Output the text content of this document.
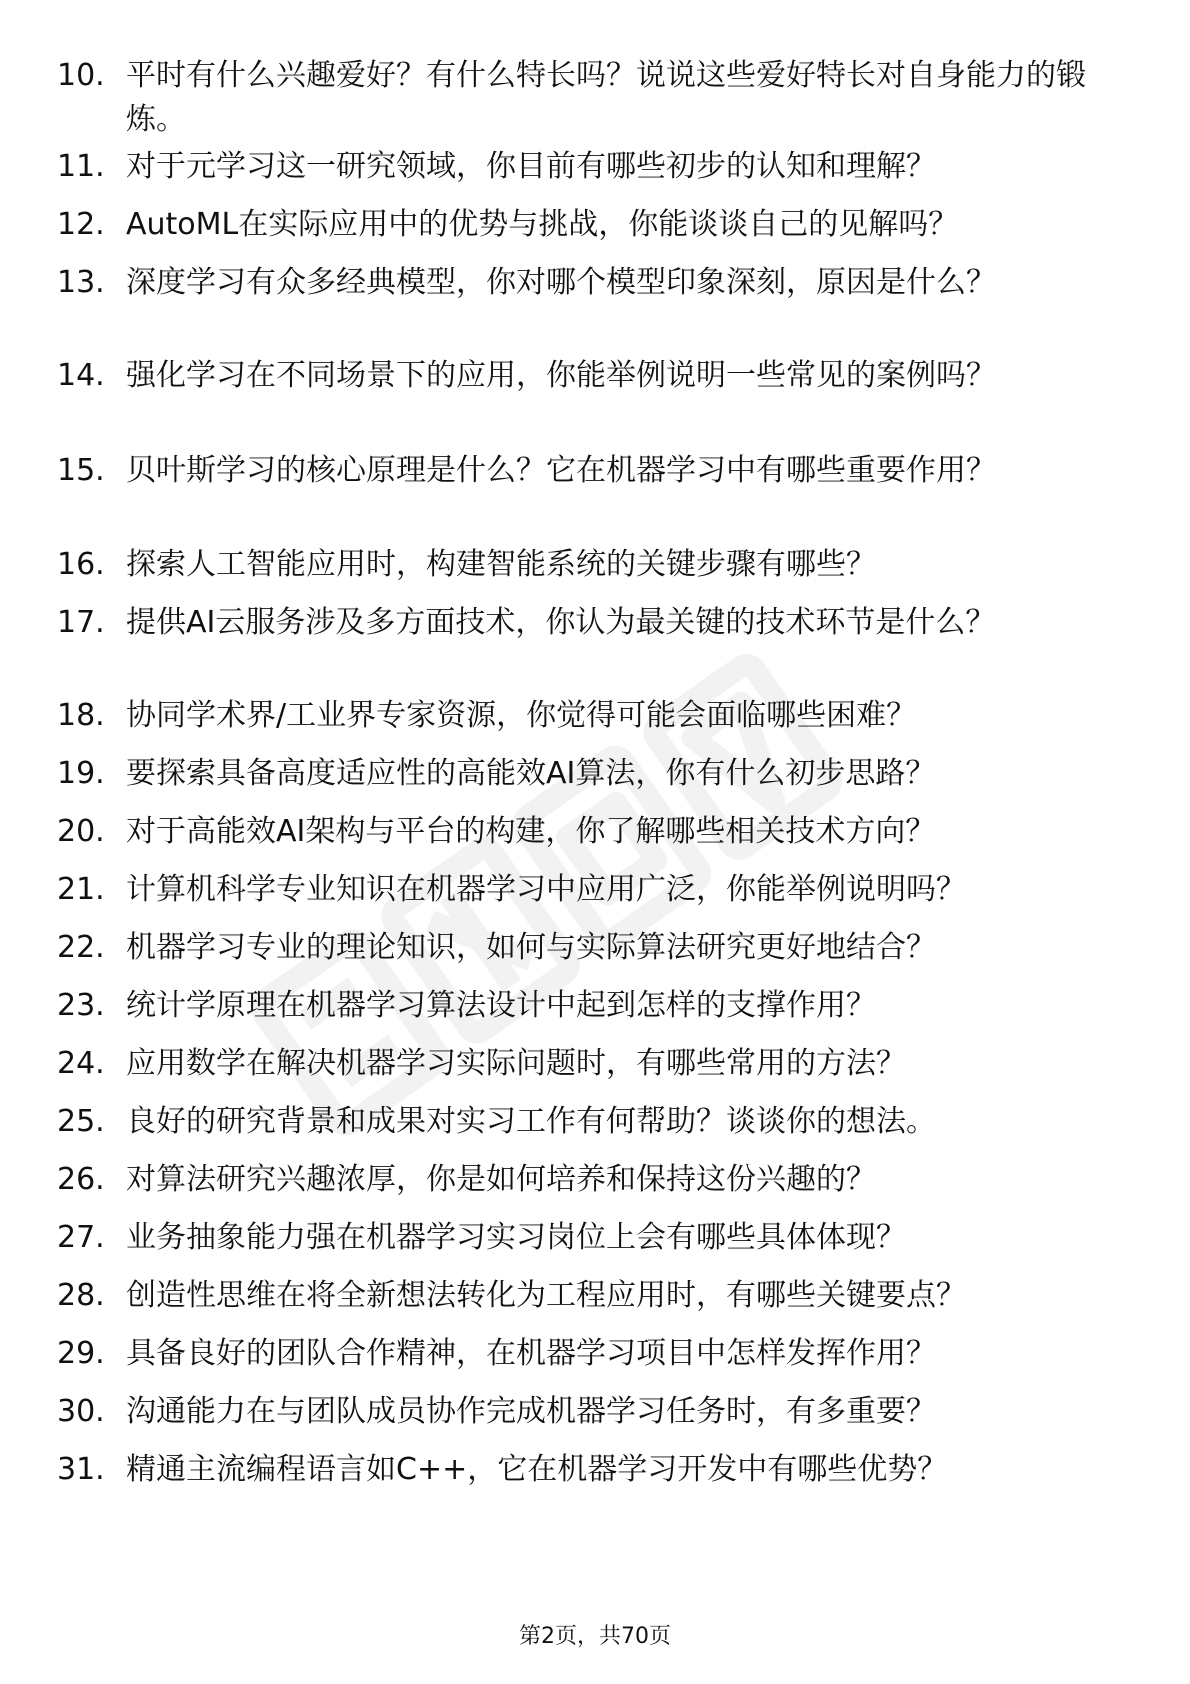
10. 平时有什么兴趣爱好？有什么特长吗？说说这些爱好特长对自身能力的锻炼。
11. 对于元学习这一研究领域，你目前有哪些初步的认知和理解？
12. AutoML在实际应用中的优势与挑战，你能谈谈自己的见解吗？
13. 深度学习有众多经典模型，你对哪个模型印象深刻，原因是什么？
14. 强化学习在不同场景下的应用，你能举例说明一些常见的案例吗？
15. 贝叶斯学习的核心原理是什么？它在机器学习中有哪些重要作用？
16. 探索人工智能应用时，构建智能系统的关键步骤有哪些？
17. 提供AI云服务涉及多方面技术，你认为最关键的技术环节是什么？
18. 协同学术界/工业界专家资源，你觉得可能会面临哪些困难？
19. 要探索具备高度适应性的高能效AI算法，你有什么初步思路？
20. 对于高能效AI架构与平台的构建，你了解哪些相关技术方向？
21. 计算机科学专业知识在机器学习中应用广泛，你能举例说明吗？
22. 机器学习专业的理论知识，如何与实际算法研究更好地结合？
23. 统计学原理在机器学习算法设计中起到怎样的支撑作用？
24. 应用数学在解决机器学习实际问题时，有哪些常用的方法？
25. 良好的研究背景和成果对实习工作有何帮助？谈谈你的想法。
26. 对算法研究兴趣浓厚，你是如何培养和保持这份兴趣的？
27. 业务抽象能力强在机器学习实习岗位上会有哪些具体体现？
28. 创造性思维在将全新想法转化为工程应用时，有哪些关键要点？
29. 具备良好的团队合作精神，在机器学习项目中怎样发挥作用？
30. 沟通能力在与团队成员协作完成机器学习任务时，有多重要？
31. 精通主流编程语言如C++，它在机器学习开发中有哪些优势？
第2页，共70页
